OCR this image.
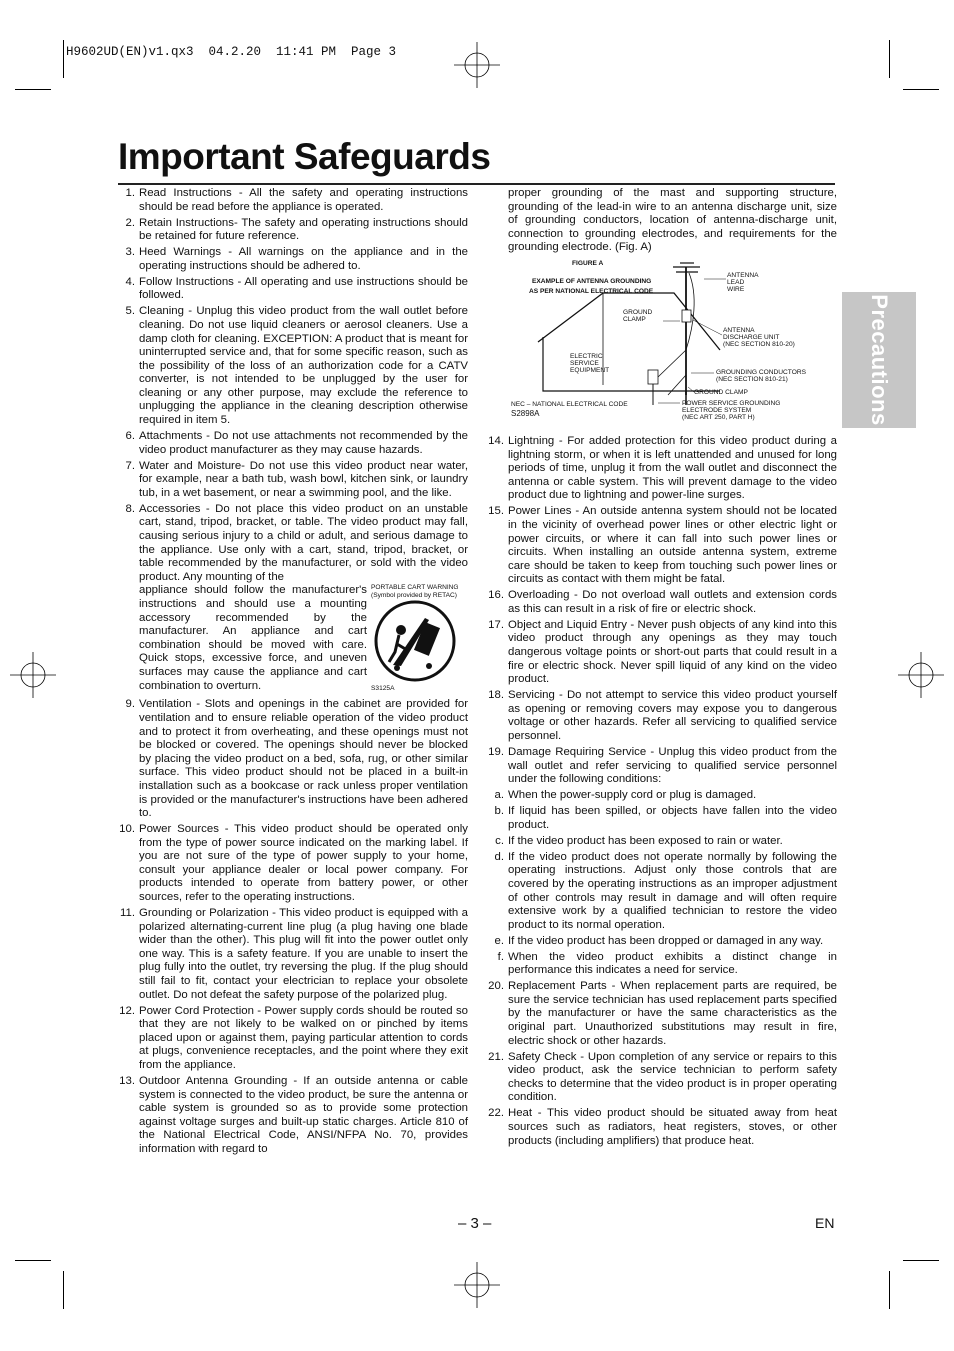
H9602UD(EN)v1.qx3  04.2.20  11:41 PM  Page 3
Important Safeguards
Precautions
1. Read Instructions - All the safety and operating instructions should be read before the appliance is operated.
2. Retain Instructions- The safety and operating instructions should be retained for future reference.
3. Heed Warnings - All warnings on the appliance and in the operating instructions should be adhered to.
4. Follow Instructions - All operating and use instructions should be followed.
5. Cleaning - Unplug this video product from the wall outlet before cleaning. Do not use liquid cleaners or aerosol cleaners. Use a damp cloth for cleaning. EXCEPTION: A product that is meant for uninterrupted service and, that for some specific reason, such as the possibility of the loss of an authorization code for a CATV converter, is not intended to be unplugged by the user for cleaning or any other purpose, may exclude the reference to unplugging the appliance in the cleaning description otherwise required in item 5.
6. Attachments - Do not use attachments not recommended by the video product manufacturer as they may cause hazards.
7. Water and Moisture- Do not use this video product near water, for example, near a bath tub, wash bowl, kitchen sink, or laundry tub, in a wet basement, or near a swimming pool, and the like.
8. Accessories - Do not place this video product on an unstable cart, stand, tripod, bracket, or table. The video product may fall, causing serious injury to a child or adult, and serious damage to the appliance. Use only with a cart, stand, tripod, bracket, or table recommended by the manufacturer, or sold with the video product. Any mounting of the
appliance should follow the manufacturer's instructions and should use a mounting accessory recommended by the manufacturer. An appliance and cart combination should be moved with care. Quick stops, excessive force, and uneven surfaces may cause the appliance and cart combination to overturn.
PORTABLE CART WARNING
(Symbol provided by RETAC)
S3125A
9. Ventilation - Slots and openings in the cabinet are provided for ventilation and to ensure reliable operation of the video product and to protect it from overheating, and these openings must not be blocked or covered. The openings should never be blocked by placing the video product on a bed, sofa, rug, or other similar surface. This video product should not be placed in a built-in installation such as a bookcase or rack unless proper ventilation is provided or the manufacturer's instructions have been adhered to.
10. Power Sources - This video product should be operated only from the type of power source indicated on the marking label. If you are not sure of the type of power supply to your home, consult your appliance dealer or local power company. For products intended to operate from battery power, or other sources, refer to the operating instructions.
11. Grounding or Polarization - This video product is equipped with a polarized alternating-current line plug (a plug having one blade wider than the other). This plug will fit into the power outlet only one way. This is a safety feature. If you are unable to insert the plug fully into the outlet, try reversing the plug. If the plug should still fail to fit, contact your electrician to replace your obsolete outlet. Do not defeat the safety purpose of the polarized plug.
12. Power Cord Protection - Power supply cords should be routed so that they are not likely to be walked on or pinched by items placed upon or against them, paying particular attention to cords at plugs, convenience receptacles, and the point where they exit from the appliance.
13. Outdoor Antenna Grounding - If an outside antenna or cable system is connected to the video product, be sure the antenna or cable system is grounded so as to provide some protection against voltage surges and built-up static charges. Article 810 of the National Electrical Code, ANSI/NFPA No. 70, provides information with regard to
proper grounding of the mast and supporting structure, grounding of the lead-in wire to an antenna discharge unit, size of grounding conductors, location of antenna-discharge unit, connection to grounding electrodes, and requirements for the grounding electrode. (Fig. A)
FIGURE A
EXAMPLE OF ANTENNA GROUNDING
AS PER NATIONAL ELECTRICAL CODE
ANTENNA
LEAD
WIRE
GROUND
CLAMP
ANTENNA
DISCHARGE UNIT
(NEC SECTION 810-20)
ELECTRIC
SERVICE
EQUIPMENT	GROUNDING CONDUCTORS
(NEC SECTION 810-21)
GROUND CLAMP
NEC – NATIONAL ELECTRICAL CODE
S2898A
POWER SERVICE GROUNDING
ELECTRODE SYSTEM
(NEC ART 250, PART H)
14. Lightning - For added protection for this video product during a lightning storm, or when it is left unattended and unused for long periods of time, unplug it from the wall outlet and disconnect the antenna or cable system. This will prevent damage to the video product due to lightning and power-line surges.
15. Power Lines - An outside antenna system should not be located in the vicinity of overhead power lines or other electric light or power circuits, or where it can fall into such power lines or circuits. When installing an outside antenna system, extreme care should be taken to keep from touching such power lines or circuits as contact with them might be fatal.
16. Overloading - Do not overload wall outlets and extension cords as this can result in a risk of fire or electric shock.
17. Object and Liquid Entry - Never push objects of any kind into this video product through any openings as they may touch dangerous voltage points or short-out parts that could result in a fire or electric shock. Never spill liquid of any kind on the video product.
18. Servicing - Do not attempt to service this video product yourself as opening or removing covers may expose you to dangerous voltage or other hazards. Refer all servicing to qualified service personnel.
19. Damage Requiring Service - Unplug this video product from the wall outlet and refer servicing to qualified service personnel under the following conditions:
a. When the power-supply cord or plug is damaged.
b. If liquid has been spilled, or objects have fallen into the video product.
c. If the video product has been exposed to rain or water.
d. If the video product does not operate normally by following the operating instructions. Adjust only those controls that are covered by the operating instructions as an improper adjustment of other controls may result in damage and will often require extensive work by a qualified technician to restore the video product to its normal operation.
e. If the video product has been dropped or damaged in any way.
f. When the video product exhibits a distinct change in performance this indicates a need for service.
20. Replacement Parts - When replacement parts are required, be sure the service technician has used replacement parts specified by the manufacturer or have the same characteristics as the original part. Unauthorized substitutions may result in fire, electric shock or other hazards.
21. Safety Check - Upon completion of any service or repairs to this video product, ask the service technician to perform safety checks to determine that the video product is in proper operating condition.
22. Heat - This video product should be situated away from heat sources such as radiators, heat registers, stoves, or other products (including amplifiers) that produce heat.
– 3 –	EN
